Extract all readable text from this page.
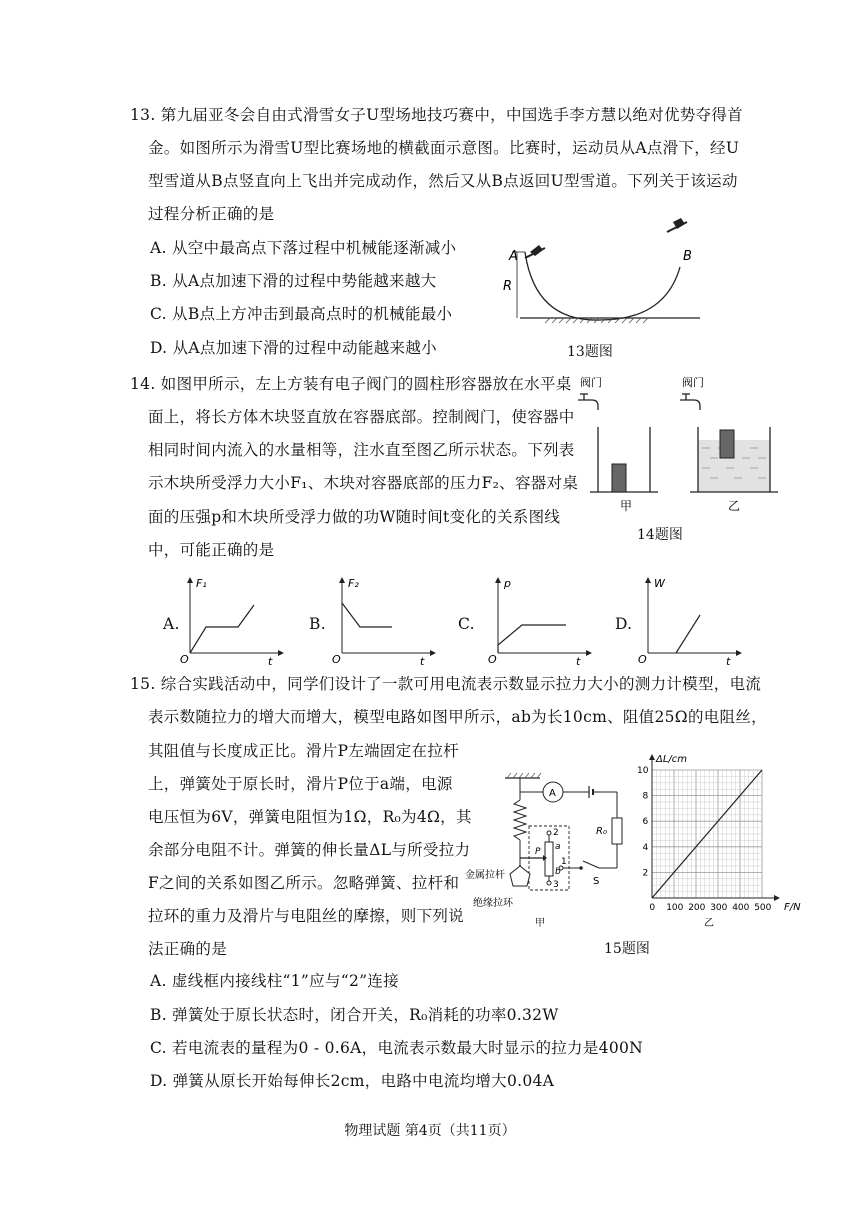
13. 第九届亚冬会自由式滑雪女子U型场地技巧赛中，中国选手李方慧以绝对优势夺得首
金。如图所示为滑雪U型比赛场地的横截面示意图。比赛时，运动员从A点滑下，经U
型雪道从B点竖直向上飞出并完成动作，然后又从B点返回U型雪道。下列关于该运动
过程分析正确的是
A. 从空中最高点下落过程中机械能逐渐减小
B. 从A点加速下滑的过程中势能越来越大
C. 从B点上方冲击到最高点时的机械能最小
D. 从A点加速下滑的过程中动能越来越小
R
A	B
13题图
14. 如图甲所示，左上方装有电子阀门的圆柱形容器放在水平桌
面上，将长方体木块竖直放在容器底部。控制阀门，使容器中
相同时间内流入的水量相等，注水直至图乙所示状态。下列表
示木块所受浮力大小F₁、木块对容器底部的压力F₂、容器对桌
面的压强p和木块所受浮力做的功W随时间t变化的关系图线
中，可能正确的是
阀门
甲
阀门
乙
14题图
A.
F₁
O	t
B.
F₂
O	t
C.
p
O	t
D.
W
O	t
15. 综合实践活动中，同学们设计了一款可用电流表示数显示拉力大小的测力计模型，电流
表示数随拉力的增大而增大，模型电路如图甲所示，ab为长10cm、阻值25Ω的电阻丝，
其阻值与长度成正比。滑片P左端固定在拉杆
上，弹簧处于原长时，滑片P位于a端，电源
电压恒为6V，弹簧电阻恒为1Ω，R₀为4Ω，其
余部分电阻不计。弹簧的伸长量ΔL与所受拉力
F之间的关系如图乙所示。忽略弹簧、拉杆和
拉环的重力及滑片与电阻丝的摩擦，则下列说
法正确的是
A
R₀
S
2
3
1
a
b
P
金属拉杆
绝缘拉环
甲
0 100 200 300 400 500
2
4
6
8
10
ΔL/cm
F/N
乙
15题图
A. 虚线框内接线柱“1”应与“2”连接
B. 弹簧处于原长状态时，闭合开关，R₀消耗的功率0.32W
C. 若电流表的量程为0 - 0.6A，电流表示数最大时显示的拉力是400N
D. 弹簧从原长开始每伸长2cm，电路中电流均增大0.04A
物理试题 第4页（共11页）
